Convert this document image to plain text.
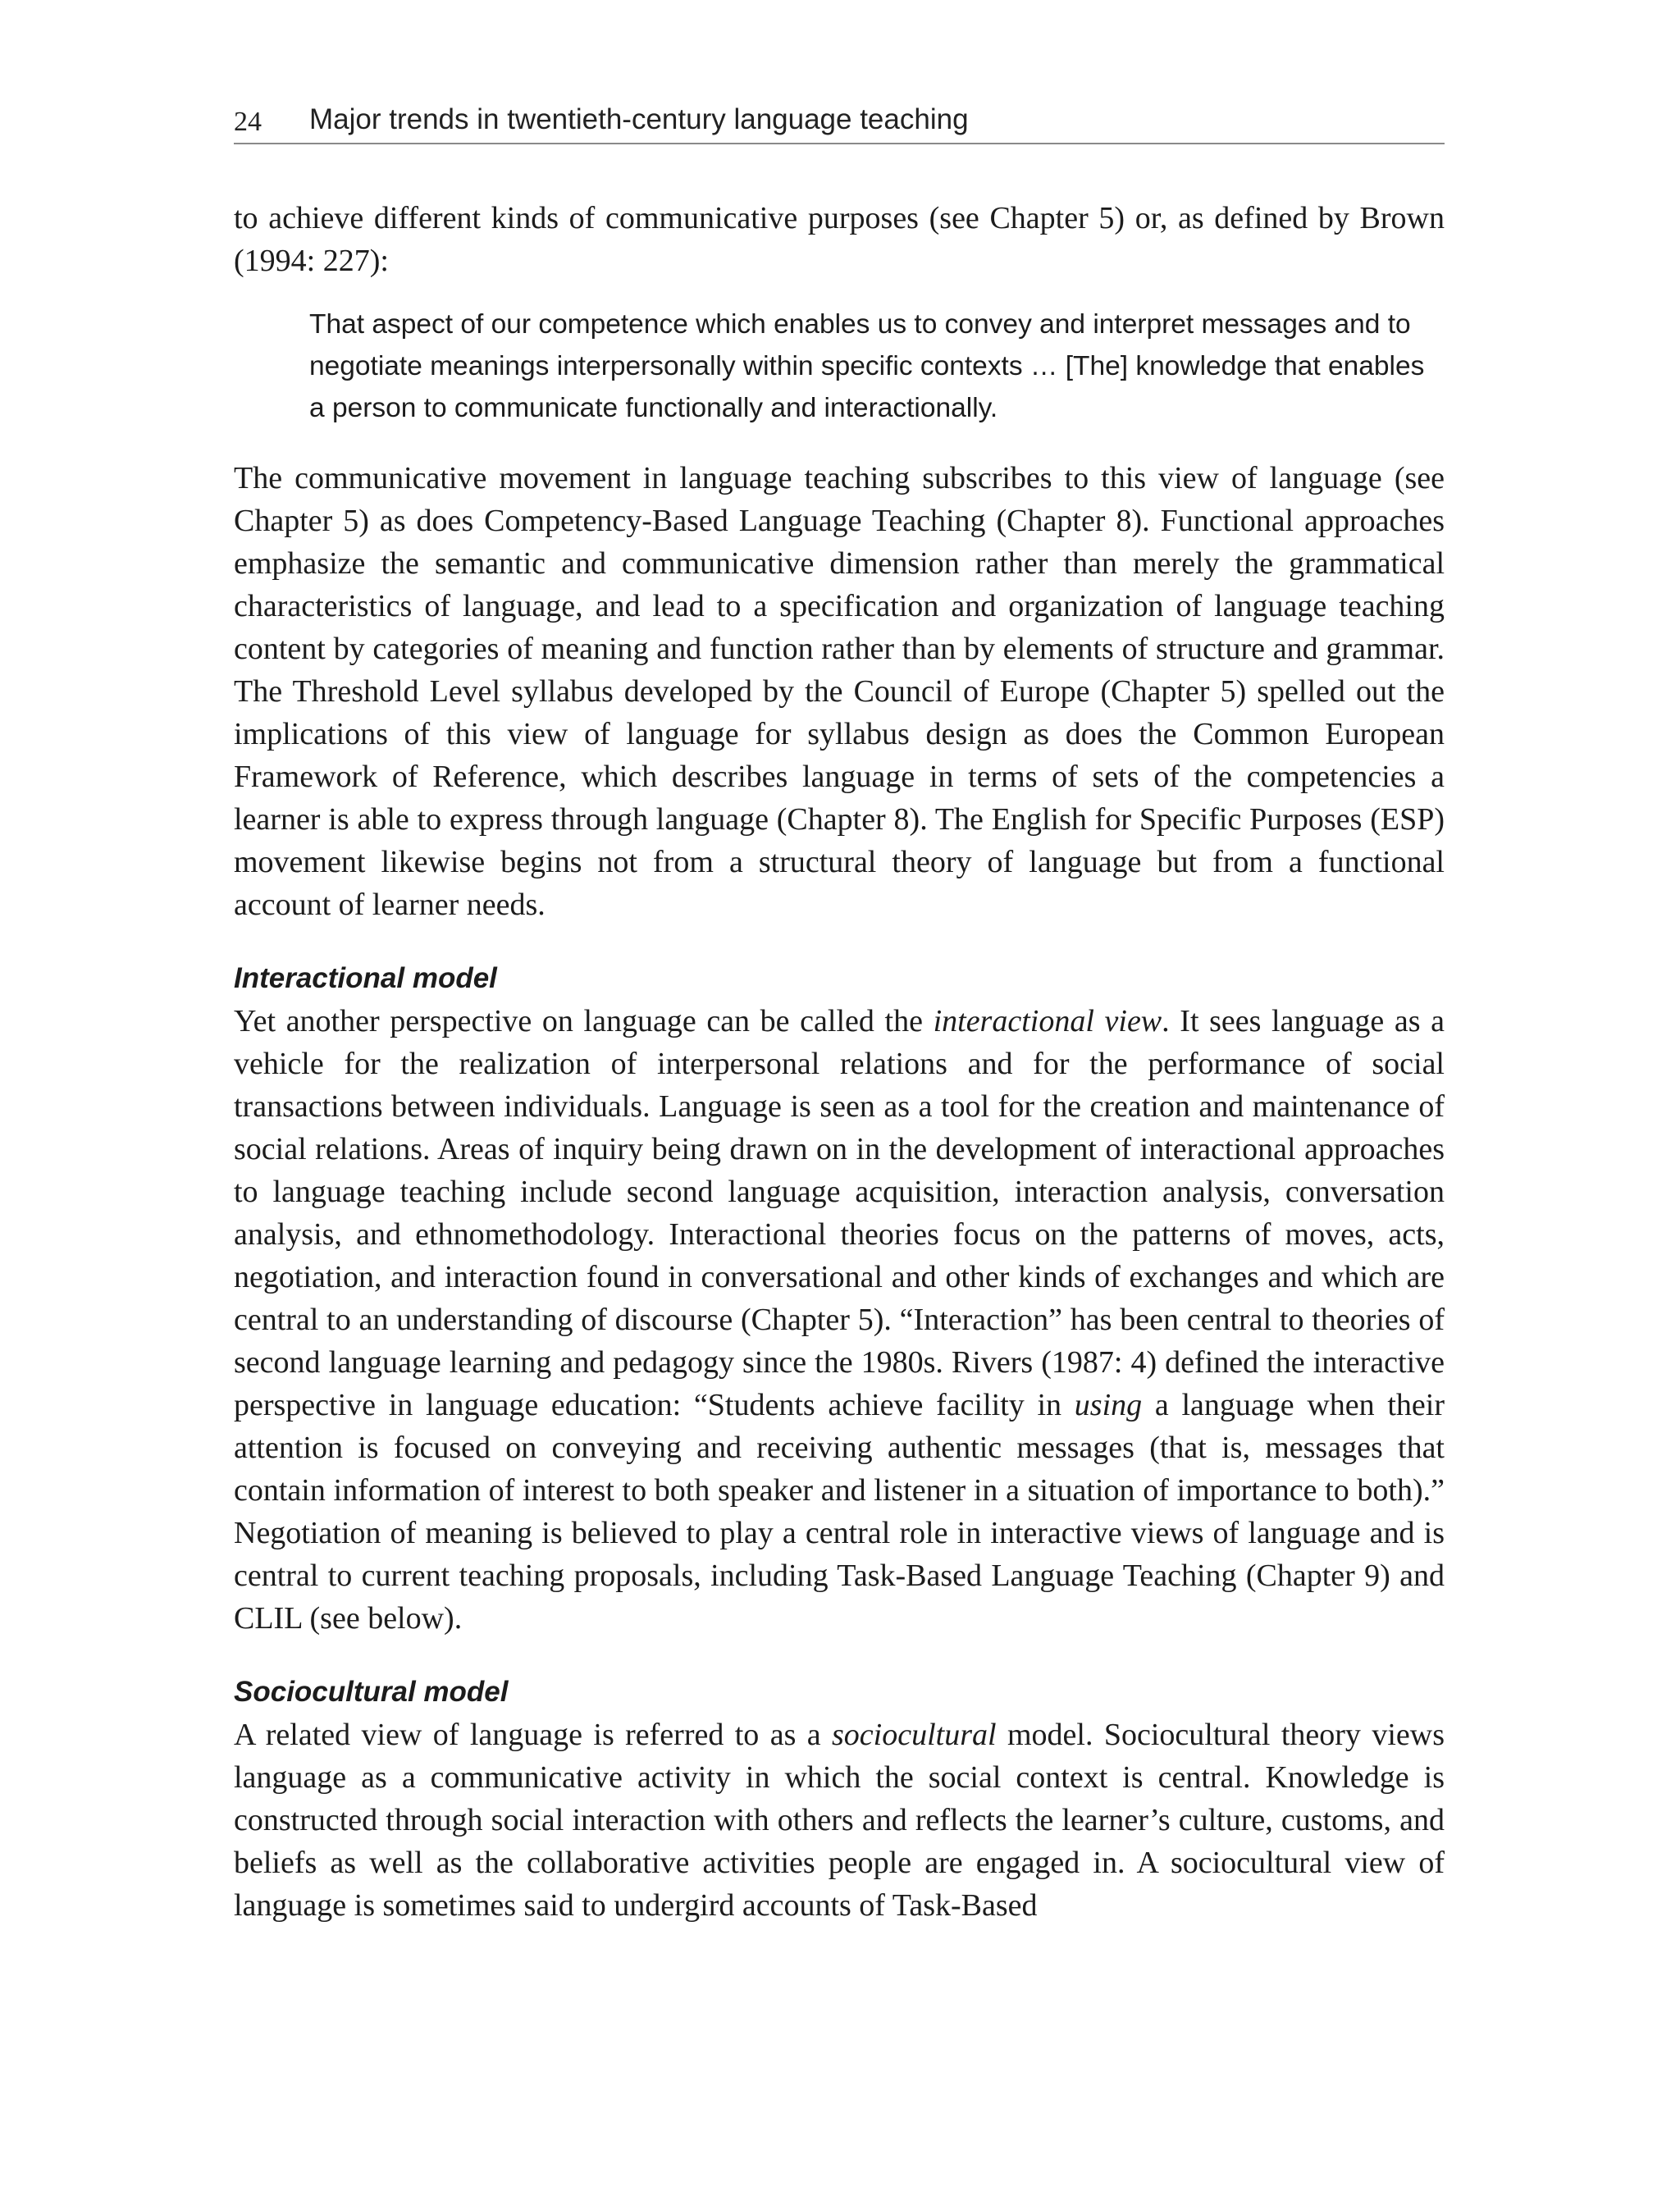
24 Major trends in twentieth-century language teaching

to achieve different kinds of communicative purposes (see Chapter 5) or, as defined by Brown (1994: 227):

That aspect of our competence which enables us to convey and interpret messages and to negotiate meanings interpersonally within specific contexts … [The] knowledge that enables a person to communicate functionally and interactionally.

The communicative movement in language teaching subscribes to this view of language (see Chapter 5) as does Competency-Based Language Teaching (Chapter 8). Functional approaches emphasize the semantic and communicative dimension rather than merely the grammatical characteristics of language, and lead to a specification and organization of language teaching content by categories of meaning and function rather than by elements of structure and grammar. The Threshold Level syllabus developed by the Council of Europe (Chapter 5) spelled out the implications of this view of language for syllabus design as does the Common European Framework of Reference, which describes language in terms of sets of the competencies a learner is able to express through language (Chapter 8). The English for Specific Purposes (ESP) movement likewise begins not from a structural theory of language but from a functional account of learner needs.

Interactional model

Yet another perspective on language can be called the interactional view. It sees language as a vehicle for the realization of interpersonal relations and for the performance of social transactions between individuals. Language is seen as a tool for the creation and maintenance of social relations. Areas of inquiry being drawn on in the development of interactional approaches to language teaching include second language acquisition, interaction analysis, conversation analysis, and ethnomethodology. Interactional theories focus on the patterns of moves, acts, negotiation, and interaction found in conversational and other kinds of exchanges and which are central to an understanding of discourse (Chapter 5). “Interaction” has been central to theories of second language learning and pedagogy since the 1980s. Rivers (1987: 4) defined the interactive perspective in language education: “Students achieve facility in using a language when their attention is focused on conveying and receiving authentic messages (that is, messages that contain information of interest to both speaker and listener in a situation of importance to both).” Negotiation of meaning is believed to play a central role in interactive views of language and is central to current teaching proposals, including Task-Based Language Teaching (Chapter 9) and CLIL (see below).

Sociocultural model

A related view of language is referred to as a sociocultural model. Sociocultural theory views language as a communicative activity in which the social context is central. Knowledge is constructed through social interaction with others and reflects the learner’s culture, customs, and beliefs as well as the collaborative activities people are engaged in. A sociocultural view of language is sometimes said to undergird accounts of Task-Based
